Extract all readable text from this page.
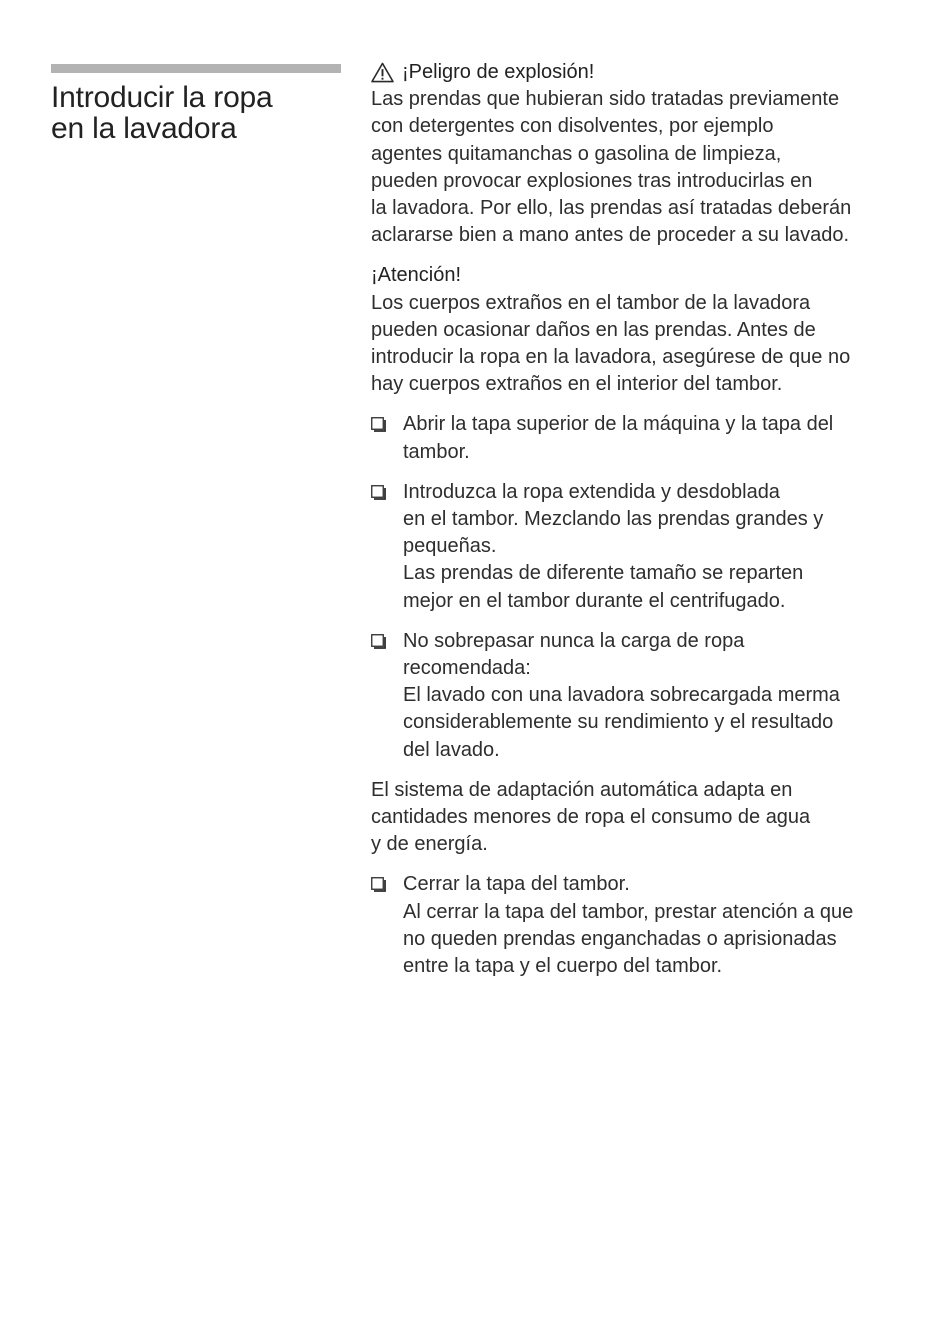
Introducir la ropa
en la lavadora
¡Peligro de explosión!

Las prendas que hubieran sido tratadas previamente
con detergentes con disolventes, por ejemplo
agentes quitamanchas o gasolina de limpieza,
pueden provocar explosiones tras introducirlas en
la lavadora. Por ello, las prendas así tratadas deberán
aclararse bien a mano antes de proceder a su lavado.

¡Atención!

Los cuerpos extraños en el tambor de la lavadora
pueden ocasionar daños en las prendas. Antes de
introducir la ropa en la lavadora, asegúrese de que no
hay cuerpos extraños en el interior del tambor.

Abrir la tapa superior de la máquina y la tapa del
tambor.
Introduzca la ropa extendida y desdoblada
en el tambor. Mezclando las prendas grandes y
pequeñas.
Las prendas de diferente tamaño se reparten
mejor en el tambor durante el centrifugado.
No sobrepasar nunca la carga de ropa
recomendada:
El lavado con una lavadora sobrecargada merma
considerablemente su rendimiento y el resultado
del lavado.

El sistema de adaptación automática adapta en
cantidades menores de ropa el consumo de agua
y de energía.

Cerrar la tapa del tambor.
Al cerrar la tapa del tambor, prestar atención a que
no queden prendas enganchadas o aprisionadas
entre la tapa y el cuerpo del tambor.
